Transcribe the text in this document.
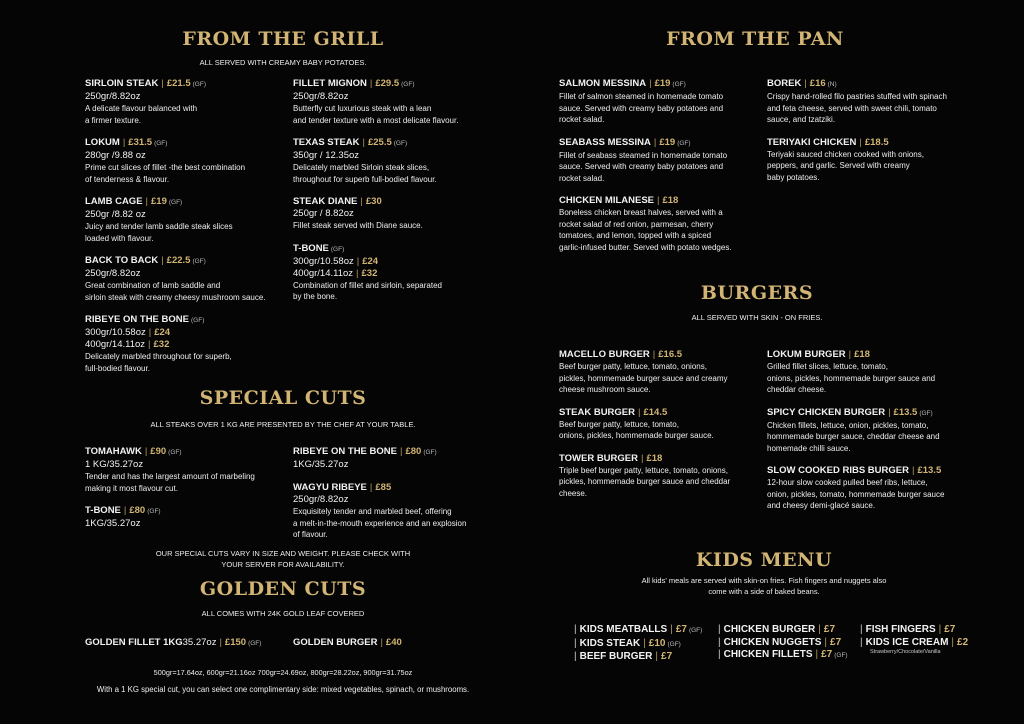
FROM THE GRILL
ALL SERVED WITH CREAMY BABY POTATOES.
SIRLOIN STEAK | £21.5 (GF)
250gr/8.82oz
A delicate flavour balanced with
a firmer texture.
LOKUM | £31.5 (GF)
280gr /9.88 oz
Prime cut slices of fillet -the best combination
of tenderness & flavour.
LAMB CAGE | £19 (GF)
250gr /8.82 oz
Juicy and tender lamb saddle steak slices
loaded with flavour.
BACK TO BACK | £22.5 (GF)
250gr/8.82oz
Great combination of lamb saddle and
sirloin steak with creamy cheesy mushroom sauce.
RIBEYE ON THE BONE (GF)
300gr/10.58oz | £24
400gr/14.11oz | £32
Delicately marbled throughout for superb,
full-bodied flavour.
FILLET MIGNON | £29.5 (GF)
250gr/8.82oz
Butterfly cut luxurious steak with a lean
and tender texture with a most delicate flavour.
TEXAS STEAK | £25.5 (GF)
350gr / 12.35oz
Delicately marbled Sirloin steak slices,
throughout for superb full-bodied flavour.
STEAK DIANE | £30
250gr / 8.82oz
Fillet steak served with Diane sauce.
T-BONE (GF)
300gr/10.58oz | £24
400gr/14.11oz | £32
Combination of fillet and sirloin, separated
by the bone.
SPECIAL CUTS
ALL STEAKS OVER 1 KG ARE PRESENTED BY THE CHEF AT YOUR TABLE.
TOMAHAWK | £90 (GF)
1 KG/35.27oz
Tender and has the largest amount of marbeling
making it most flavour cut.
T-BONE | £80 (GF)
1KG/35.27oz
RIBEYE ON THE BONE | £80 (GF)
1KG/35.27oz
WAGYU RIBEYE | £85
250gr/8.82oz
Exquisitely tender and marbled beef, offering
a melt-in-the-mouth experience and an explosion
of flavour.
OUR SPECIAL CUTS VARY IN SIZE AND WEIGHT. PLEASE CHECK WITH
YOUR SERVER FOR AVAILABILITY.
GOLDEN CUTS
ALL COMES WITH 24K GOLD LEAF COVERED
GOLDEN FILLET 1KG35.27oz | £150 (GF)	GOLDEN BURGER | £40
500gr=17.64oz, 600gr=21.16oz 700gr=24.69oz, 800gr=28.22oz, 900gr=31.75oz
With a 1 KG special cut, you can select one complimentary side: mixed vegetables, spinach, or mushrooms.
FROM THE PAN
SALMON MESSINA | £19 (GF)
Fillet of salmon steamed in homemade tomato
sauce. Served with creamy baby potatoes and
rocket salad.
SEABASS MESSINA | £19 (GF)
Fillet of seabass steamed in homemade tomato
sauce. Served with creamy baby potatoes and
rocket salad.
CHICKEN MILANESE | £18
Boneless chicken breast halves, served with a
rocket salad of red onion, parmesan, cherry
tomatoes, and lemon, topped with a spiced
garlic-infused butter. Served with potato wedges.
BOREK | £16 (N)
Crispy hand-rolled filo pastries stuffed with spinach
and feta cheese, served with sweet chili, tomato
sauce, and tzatziki.
TERIYAKI CHICKEN | £18.5
Teriyaki sauced chicken cooked with onions,
peppers, and garlic. Served with creamy
baby potatoes.
BURGERS
ALL SERVED WITH SKIN - ON FRIES.
MACELLO BURGER | £16.5
Beef burger patty, lettuce, tomato, onions,
pickles, hommemade burger sauce and creamy
cheese mushroom sauce.
STEAK BURGER | £14.5
Beef burger patty, lettuce, tomato,
onions, pickles, hommemade burger sauce.
TOWER BURGER | £18
Triple beef burger patty, lettuce, tomato, onions,
pickles, hommemade burger sauce and cheddar
cheese.
LOKUM BURGER | £18
Grilled fillet slices, lettuce, tomato,
onions, pickles, hommemade burger sauce and
cheddar cheese.
SPICY CHICKEN BURGER | £13.5 (GF)
Chicken fillets, lettuce, onion, pickles, tomato,
hommemade burger sauce, cheddar cheese and
homemade chilli sauce.
SLOW COOKED RIBS BURGER | £13.5
12-hour slow cooked pulled beef ribs, lettuce,
onion, pickles, tomato, hommemade burger sauce
and cheesy demi-glacé sauce.
KIDS MENU
All kids' meals are served with skin-on fries. Fish fingers and nuggets also
come with a side of baked beans.
| KIDS MEATBALLS | £7 (GF)
| KIDS STEAK | £10 (GF)
| BEEF BURGER | £7
| CHICKEN BURGER | £7
| CHICKEN NUGGETS | £7
| CHICKEN FILLETS | £7 (GF)
| FISH FINGERS | £7
| KIDS ICE CREAM | £2
Strawberry/Chocolate/Vanilla
